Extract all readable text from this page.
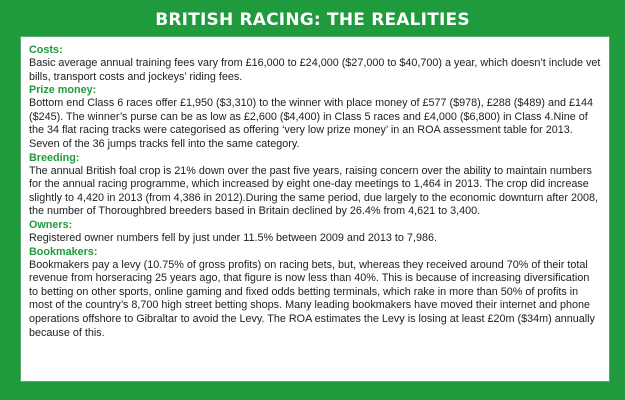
BRITISH RACING: THE REALITIES
Costs:
Basic average annual training fees vary from £16,000 to £24,000 ($27,000 to $40,700) a year, which doesn’t include vet bills, transport costs and jockeys’ riding fees.
Prize money:
Bottom end Class 6 races offer £1,950 ($3,310) to the winner with place money of £577 ($978), £288 ($489) and £144 ($245). The winner’s purse can be as low as £2,600 ($4,400) in Class 5 races and £4,000 ($6,800) in Class 4.Nine of the 34 flat racing tracks were categorised as offering ‘very low prize money’ in an ROA assessment table for 2013. Seven of the 36 jumps tracks fell into the same category.
Breeding:
The annual British foal crop is 21% down over the past five years, raising concern over the ability to maintain numbers for the annual racing programme, which increased by eight one-day meetings to 1,464 in 2013. The crop did increase slightly to 4,420 in 2013 (from 4,386 in 2012).During the same period, due largely to the economic downturn after 2008, the number of Thoroughbred breeders based in Britain declined by 26.4% from 4,621 to 3,400.
Owners:
Registered owner numbers fell by just under 11.5% between 2009 and 2013 to 7,986.
Bookmakers:
Bookmakers pay a levy (10.75% of gross profits) on racing bets, but, whereas they received around 70% of their total revenue from horseracing 25 years ago, that figure is now less than 40%. This is because of increasing diversification to betting on other sports, online gaming and fixed odds betting terminals, which rake in more than 50% of profits in most of the country’s 8,700 high street betting shops. Many leading bookmakers have moved their internet and phone operations offshore to Gibraltar to avoid the Levy. The ROA estimates the Levy is losing at least £20m ($34m) annually because of this.
